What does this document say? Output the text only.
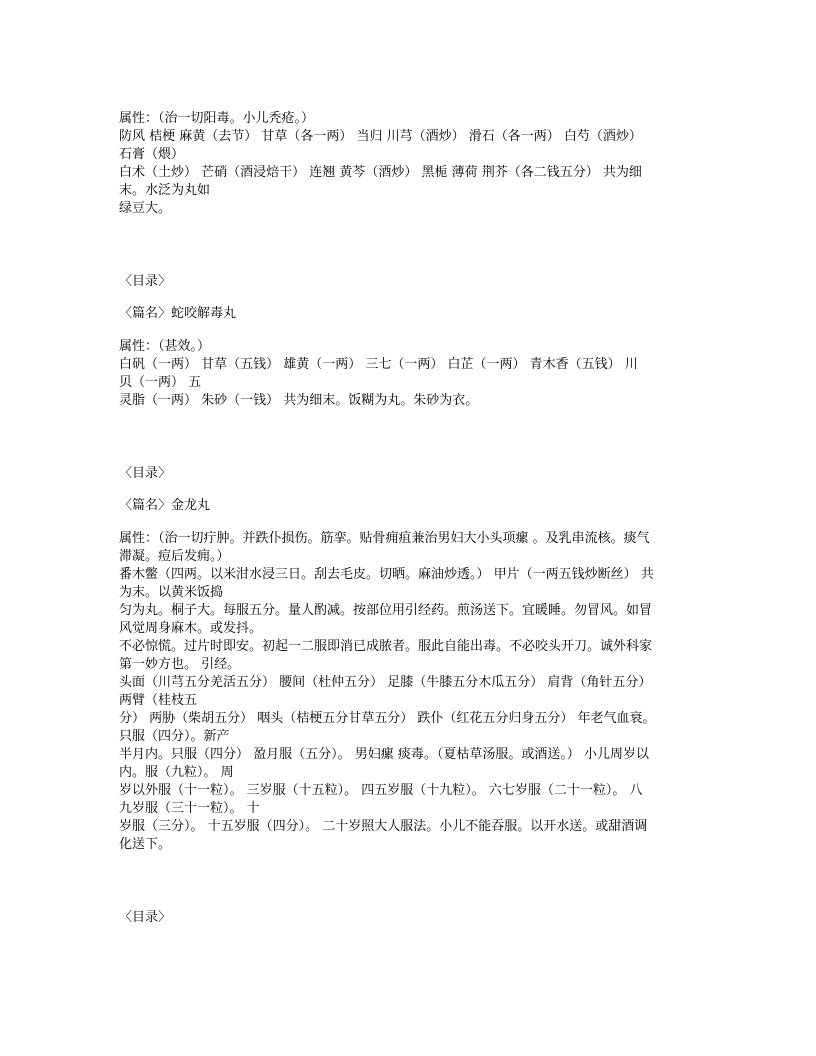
属性：（治一切阳毒。小儿秃疮。）
防风 桔梗 麻黄（去节） 甘草（各一两） 当归 川芎（酒炒） 滑石（各一两） 白芍（酒炒）
石膏（煨）
白术（土炒） 芒硝（酒浸焙干） 连翘 黄芩（酒炒） 黑栀 薄荷 荆芥（各二钱五分） 共为细
末。水泛为丸如
绿豆大。
〈目录〉
〈篇名〉蛇咬解毒丸
属性：（甚效。）
白矾（一两） 甘草（五钱） 雄黄（一两） 三七（一两） 白芷（一两） 青木香（五钱） 川
贝（一两） 五
灵脂（一两） 朱砂（一钱） 共为细末。饭糊为丸。朱砂为衣。
〈目录〉
〈篇名〉金龙丸
属性：（治一切疔肿。并跌仆损伤。筋挛。贴骨痈疽兼治男妇大小头项瘰 。及乳串流核。痰气
滞凝。痘后发痈。）
番木鳖（四两。以米泔水浸三日。刮去毛皮。切晒。麻油炒透。） 甲片（一两五钱炒断丝） 共
为末。以黄米饭捣
匀为丸。桐子大。每服五分。量人酌减。按部位用引经药。煎汤送下。宜暖睡。勿冒风。如冒
风觉周身麻木。或发抖。
不必惊慌。过片时即安。初起一二服即消已成脓者。服此自能出毒。不必咬头开刀。诚外科家
第一妙方也。 引经。
头面（川芎五分羌活五分） 腰间（杜仲五分） 足膝（牛膝五分木瓜五分） 肩背（角针五分）
两臂（桂枝五
分） 两胁（柴胡五分） 咽头（桔梗五分甘草五分） 跌仆（红花五分归身五分） 年老气血衰。
只服（四分）。新产
半月内。只服（四分） 盈月服（五分）。 男妇瘰 痰毒。（夏枯草汤服。或酒送。） 小儿周岁以
内。服（九粒）。 周
岁以外服（十一粒）。 三岁服（十五粒）。 四五岁服（十九粒）。 六七岁服（二十一粒）。 八
九岁服（三十一粒）。 十
岁服（三分）。 十五岁服（四分）。 二十岁照大人服法。小儿不能吞服。以开水送。或甜酒调
化送下。
〈目录〉
